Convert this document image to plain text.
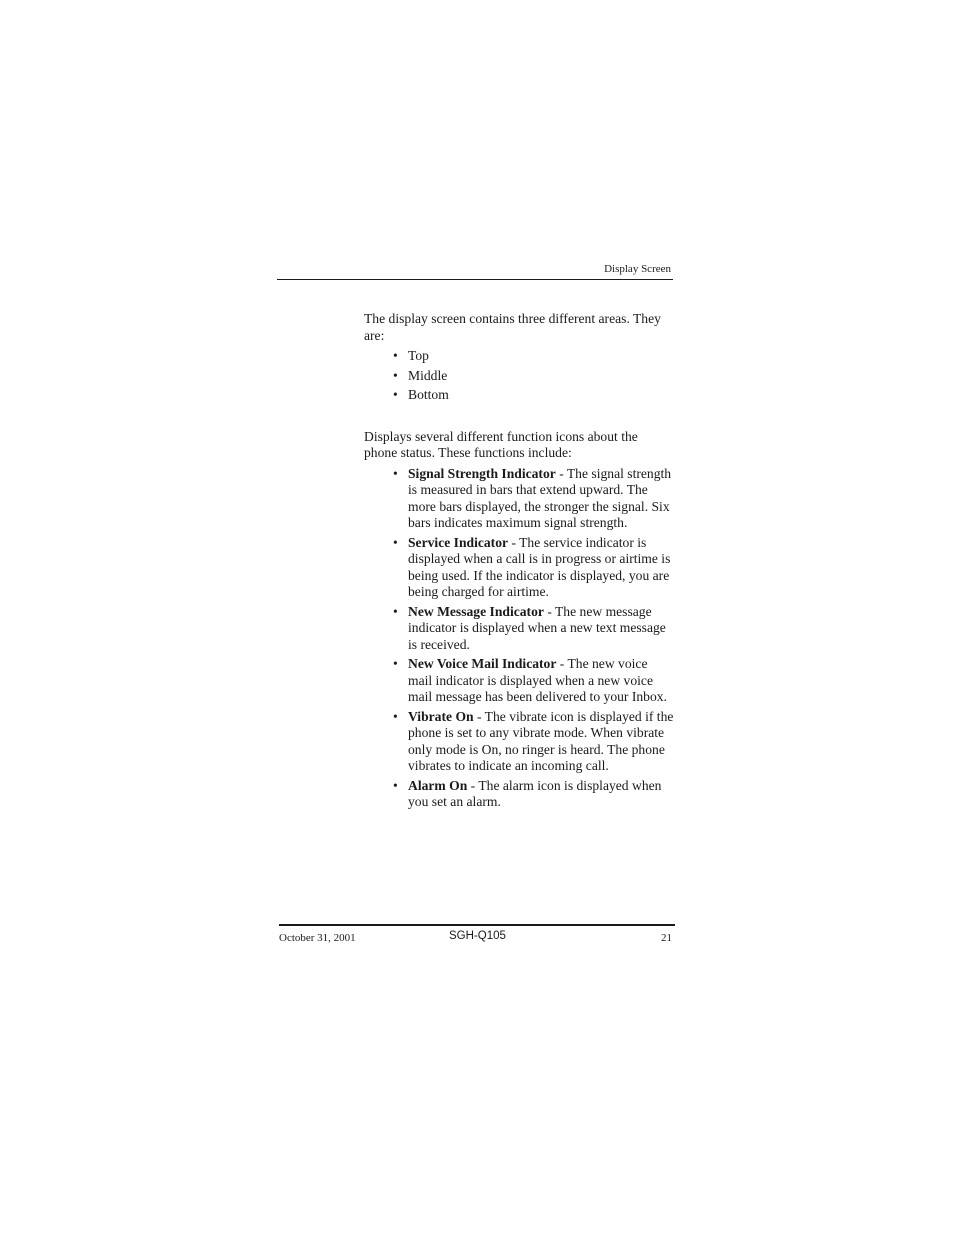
Display Screen

The display screen contains three different areas. They are:

• Top
• Middle
• Bottom

Displays several different function icons about the phone status. These functions include:

• Signal Strength Indicator - The signal strength is measured in bars that extend upward. The more bars displayed, the stronger the signal. Six bars indicates maximum signal strength.
• Service Indicator - The service indicator is displayed when a call is in progress or airtime is being used. If the indicator is displayed, you are being charged for airtime.
• New Message Indicator - The new message indicator is displayed when a new text message is received.
• New Voice Mail Indicator - The new voice mail indicator is displayed when a new voice mail message has been delivered to your Inbox.
• Vibrate On - The vibrate icon is displayed if the phone is set to any vibrate mode. When vibrate only mode is On, no ringer is heard. The phone vibrates to indicate an incoming call.
• Alarm On - The alarm icon is displayed when you set an alarm.
October 31, 2001	SGH-Q105	21
